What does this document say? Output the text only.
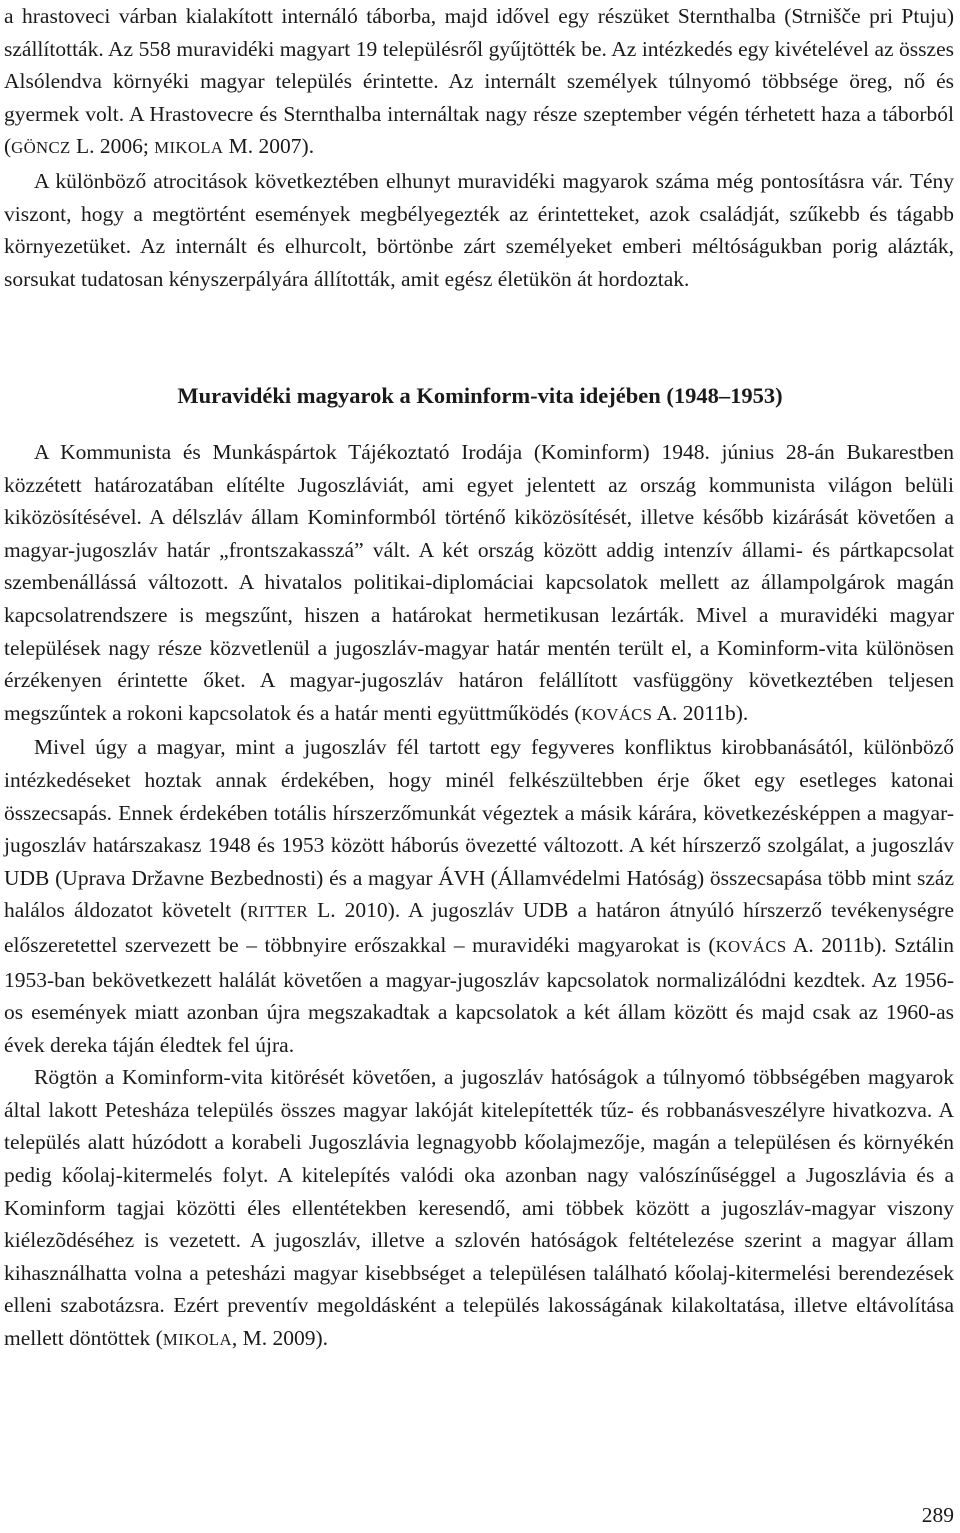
a hrastoveci várban kialakított internáló táborba, majd idővel egy részüket Sternthalba (Strnišče pri Ptuju) szállították. Az 558 muravidéki magyart 19 településről gyűjtötték be. Az intézkedés egy kivételével az összes Alsólendva környéki magyar település érintette. Az internált személyek túlnyomó többsége öreg, nő és gyermek volt. A Hrastovecre és Sternthalba internáltak nagy része szeptember végén térhetett haza a táborból (GÖNCZ L. 2006; MIKOLA M. 2007).

A különböző atrocitások következtében elhunyt muravidéki magyarok száma még pontosításra vár. Tény viszont, hogy a megtörtént események megbélyegezték az érintetteket, azok családját, szűkebb és tágabb környezetüket. Az internált és elhurcolt, börtönbe zárt személyeket emberi méltóságukban porig alázták, sorsukat tudatosan kényszerpályára állították, amit egész életükön át hordoztak.

Muravidéki magyarok a Kominform-vita idejében (1948–1953)

A Kommunista és Munkáspártok Tájékoztató Irodája (Kominform) 1948. június 28-án Bukarestben közzétett határozatában elítélte Jugoszláviát, ami egyet jelentett az ország kommunista világon belüli kiközösítésével. A délszláv állam Kominformból történő kiközösítését, illetve később kizárását követően a magyar-jugoszláv határ „frontszakasszá” vált. A két ország között addig intenzív állami- és pártkapcsolat szembenállássá változott. A hivatalos politikai-diplomáciai kapcsolatok mellett az állampolgárok magán kapcsolatrendszere is megszűnt, hiszen a határokat hermetikusan lezárták. Mivel a muravidéki magyar települések nagy része közvetlenül a jugoszláv-magyar határ mentén terült el, a Kominform-vita különösen érzékenyen érintette őket. A magyar-jugoszláv határon felállított vasfüggöny következtében teljesen megszűntek a rokoni kapcsolatok és a határ menti együttműködés (KOVÁCS A. 2011b).

Mivel úgy a magyar, mint a jugoszláv fél tartott egy fegyveres konfliktus kirobbanásától, különböző intézkedéseket hoztak annak érdekében, hogy minél felkészültebben érje őket egy esetleges katonai összecsapás. Ennek érdekében totális hírszerzőmunkát végeztek a másik kárára, következésképpen a magyar-jugoszláv határszakasz 1948 és 1953 között háborús övezetté változott. A két hírszerző szolgálat, a jugoszláv UDB (Uprava Državne Bezbednosti) és a magyar ÁVH (Államvédelmi Hatóság) összecsapása több mint száz halálos áldozatot követelt (RITTER L. 2010). A jugoszláv UDB a határon átnyúló hírszerző tevékenységre előszeretettel szervezett be – többnyire erőszakkal – muravidéki magyarokat is (KOVÁCS A. 2011b). Sztálin 1953-ban bekövetkezett halálát követően a magyar-jugoszláv kapcsolatok normalizálódni kezdtek. Az 1956-os események miatt azonban újra megszakadtak a kapcsolatok a két állam között és majd csak az 1960-as évek dereka táján éledtek fel újra.

Rögtön a Kominform-vita kitörését követően, a jugoszláv hatóságok a túlnyomó többségében magyarok által lakott Petesháza település összes magyar lakóját kitelepítették tűz- és robbanásveszélyre hivatkozva. A település alatt húzódott a korabeli Jugoszlávia legnagyobb kőolajmezője, magán a településen és környékén pedig kőolaj-kitermelés folyt. A kitelepítés valódi oka azonban nagy valószínűséggel a Jugoszlávia és a Kominform tagjai közötti éles ellentétekben keresendő, ami többek között a jugoszláv-magyar viszony kiélezõdéséhez is vezetett. A jugoszláv, illetve a szlovén hatóságok feltételezése szerint a magyar állam kihasználhatta volna a petesházi magyar kisebbséget a településen található kőolaj-kitermelési berendezések elleni szabotázsra. Ezért preventív megoldásként a település lakosságának kilakoltatása, illetve eltávolítása mellett döntöttek (MIKOLA, M. 2009).

289
